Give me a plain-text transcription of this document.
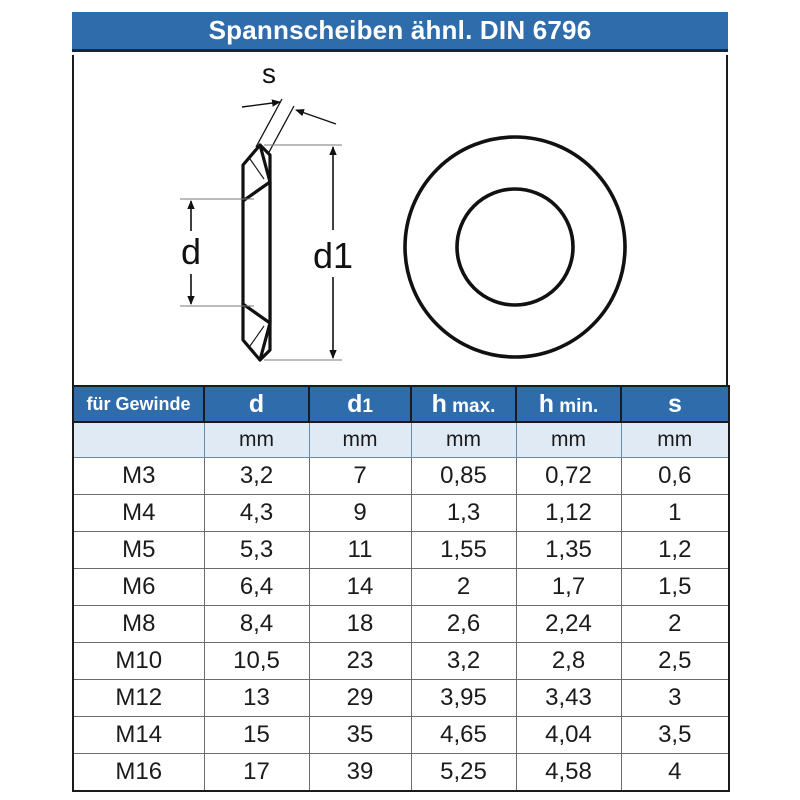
Spannscheiben ähnl. DIN 6796
s
d	d1
für Gewinde	d	d1	h max.	h min.	s
	mm	mm	mm	mm	mm
M3	3,2	7	0,85	0,72	0,6
M4	4,3	9	1,3	1,12	1
M5	5,3	11	1,55	1,35	1,2
M6	6,4	14	2	1,7	1,5
M8	8,4	18	2,6	2,24	2
M10	10,5	23	3,2	2,8	2,5
M12	13	29	3,95	3,43	3
M14	15	35	4,65	4,04	3,5
M16	17	39	5,25	4,58	4
